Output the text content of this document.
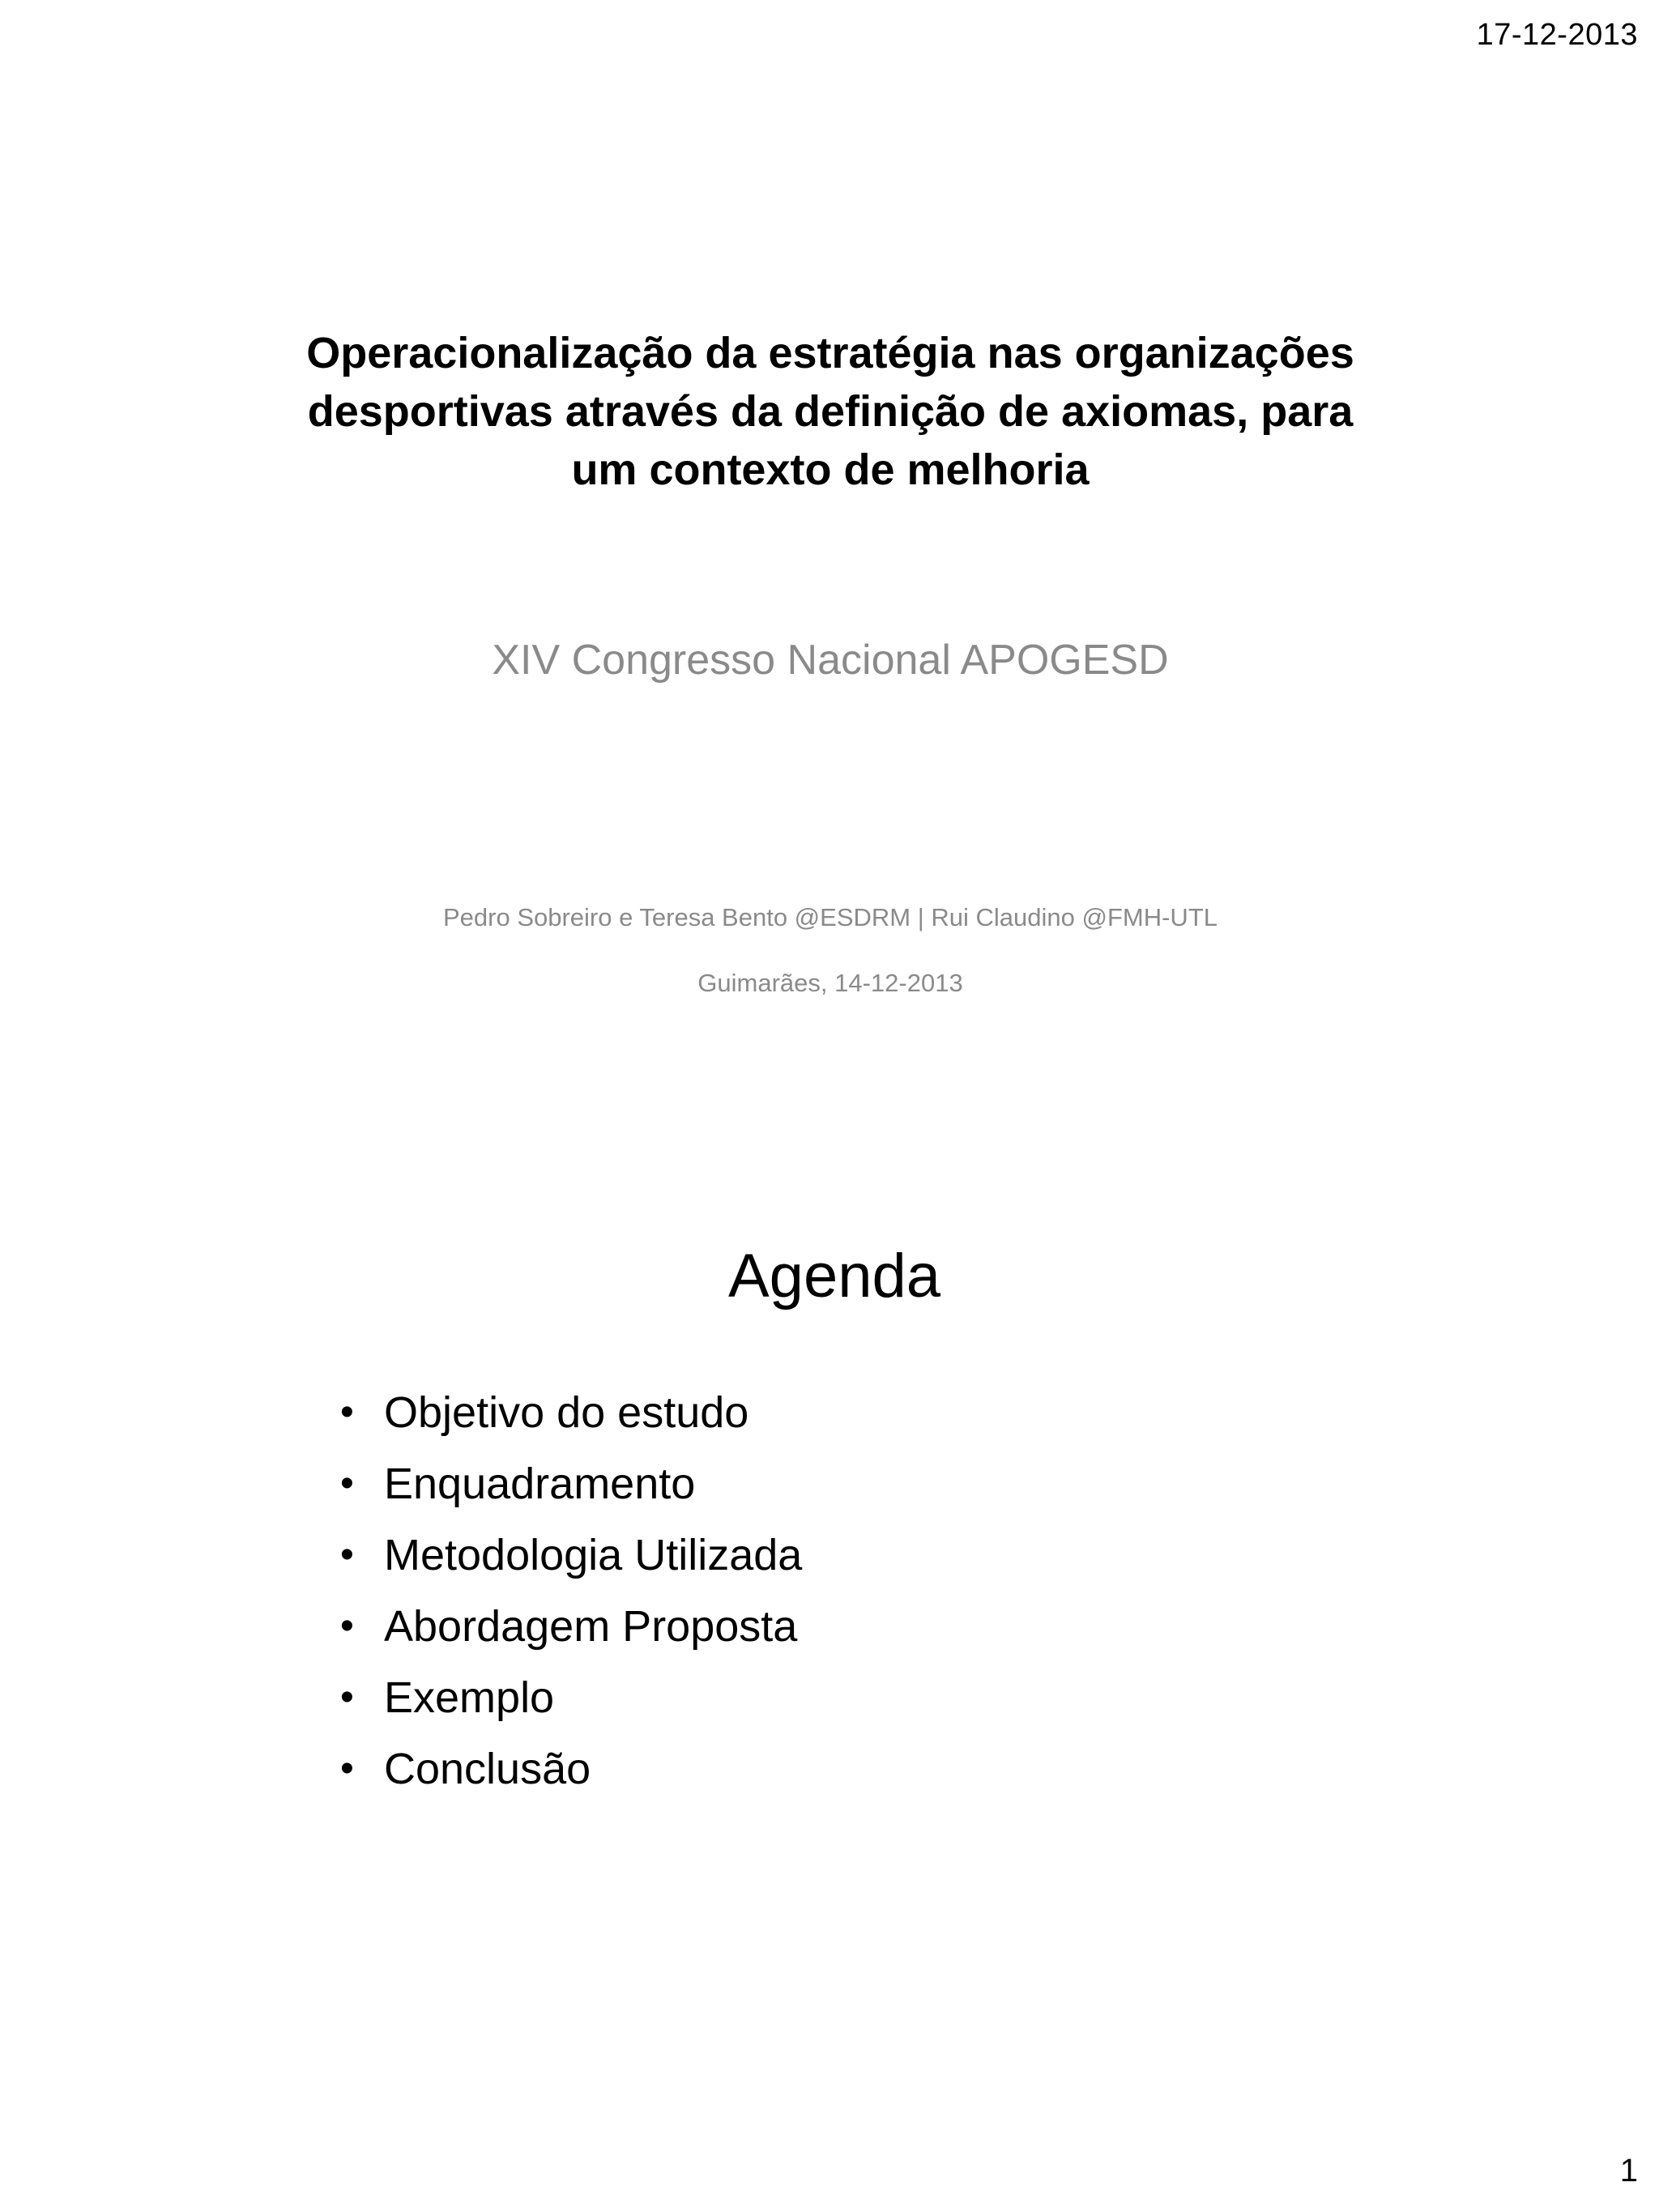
17-12-2013
Operacionalização da estratégia nas organizações
desportivas através da definição de axiomas, para
um contexto de melhoria
XIV Congresso Nacional APOGESD
Pedro Sobreiro e Teresa Bento @ESDRM | Rui Claudino @FMH-UTL
Guimarães, 14-12-2013
Agenda
• Objetivo do estudo
• Enquadramento
• Metodologia Utilizada
• Abordagem Proposta
• Exemplo
• Conclusão
1
